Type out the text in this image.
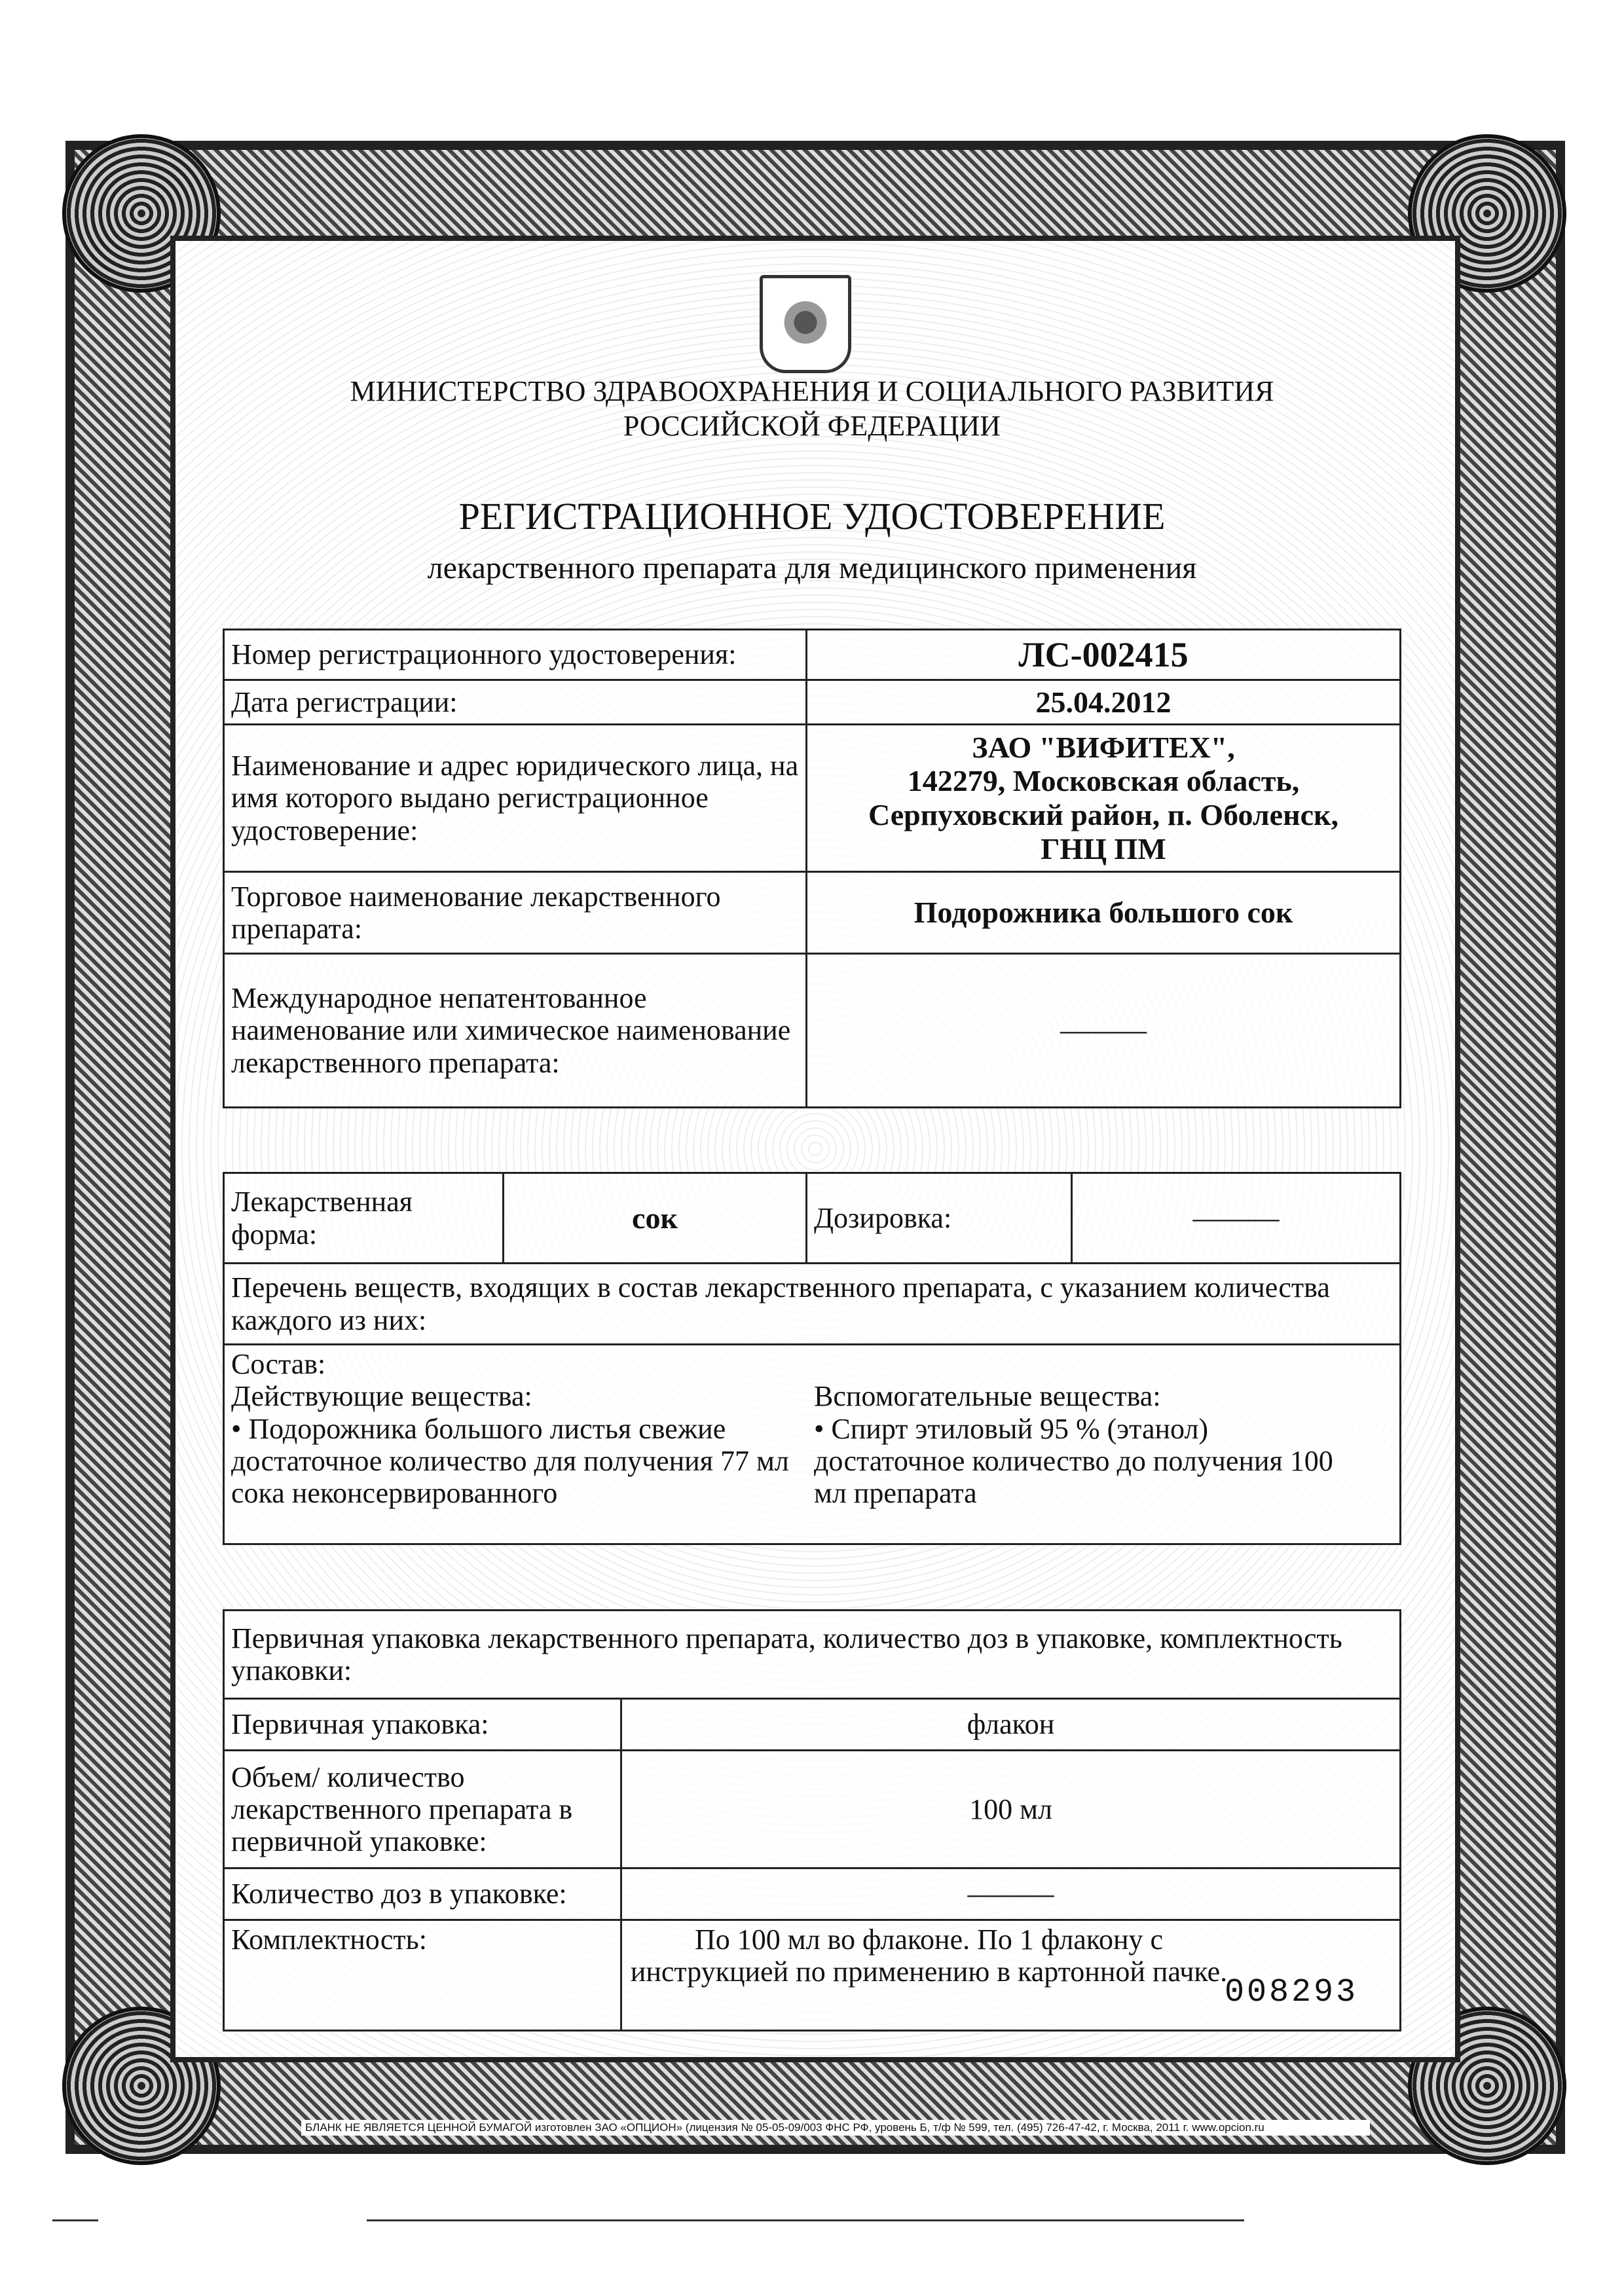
МИНИСТЕРСТВО ЗДРАВООХРАНЕНИЯ И СОЦИАЛЬНОГО РАЗВИТИЯ
РОССИЙСКОЙ ФЕДЕРАЦИИ
РЕГИСТРАЦИОННОЕ УДОСТОВЕРЕНИЕ
лекарственного препарата для медицинского применения
Номер регистрационного удостоверения:	ЛС-002415
Дата регистрации:	25.04.2012
Наименование и адрес юридического лица, на имя которого выдано регистрационное удостоверение:	ЗАО "ВИФИТЕХ",
142279, Московская область,
Серпуховский район, п. Оболенск,
ГНЦ ПМ

Торговое наименование лекарственного препарата:	Подорожника большого сок
Международное непатентованное наименование или химическое наименование лекарственного препарата:	———
Лекарственная форма:	сок	Дозировка:	———
Перечень веществ, входящих в состав лекарственного препарата, с указанием количества каждого из них:

Состав:
Действующие вещества:
• Подорожника большого листья свежие достаточное количество для получения 77 мл сока неконсервированного
Вспомогательные вещества:
• Спирт этиловый 95 % (этанол) достаточное количество до получения 100 мл препарата
Первичная упаковка лекарственного препарата, количество доз в упаковке, комплектность упаковки:	
Первичная упаковка:	флакон
Объем/ количество лекарственного препарата в первичной упаковке:	100 мл
Количество доз в упаковке:	———
Комплектность:	По 100 мл во флаконе. По 1 флакону с инструкцией по применению в картонной пачке.
008293
БЛАНК НЕ ЯВЛЯЕТСЯ ЦЕННОЙ БУМАГОЙ изготовлен ЗАО «ОПЦИОН» (лицензия № 05-05-09/003 ФНС РФ, уровень Б, т/ф № 599, тел. (495) 726-47-42, г. Москва, 2011 г. www.opcion.ru
